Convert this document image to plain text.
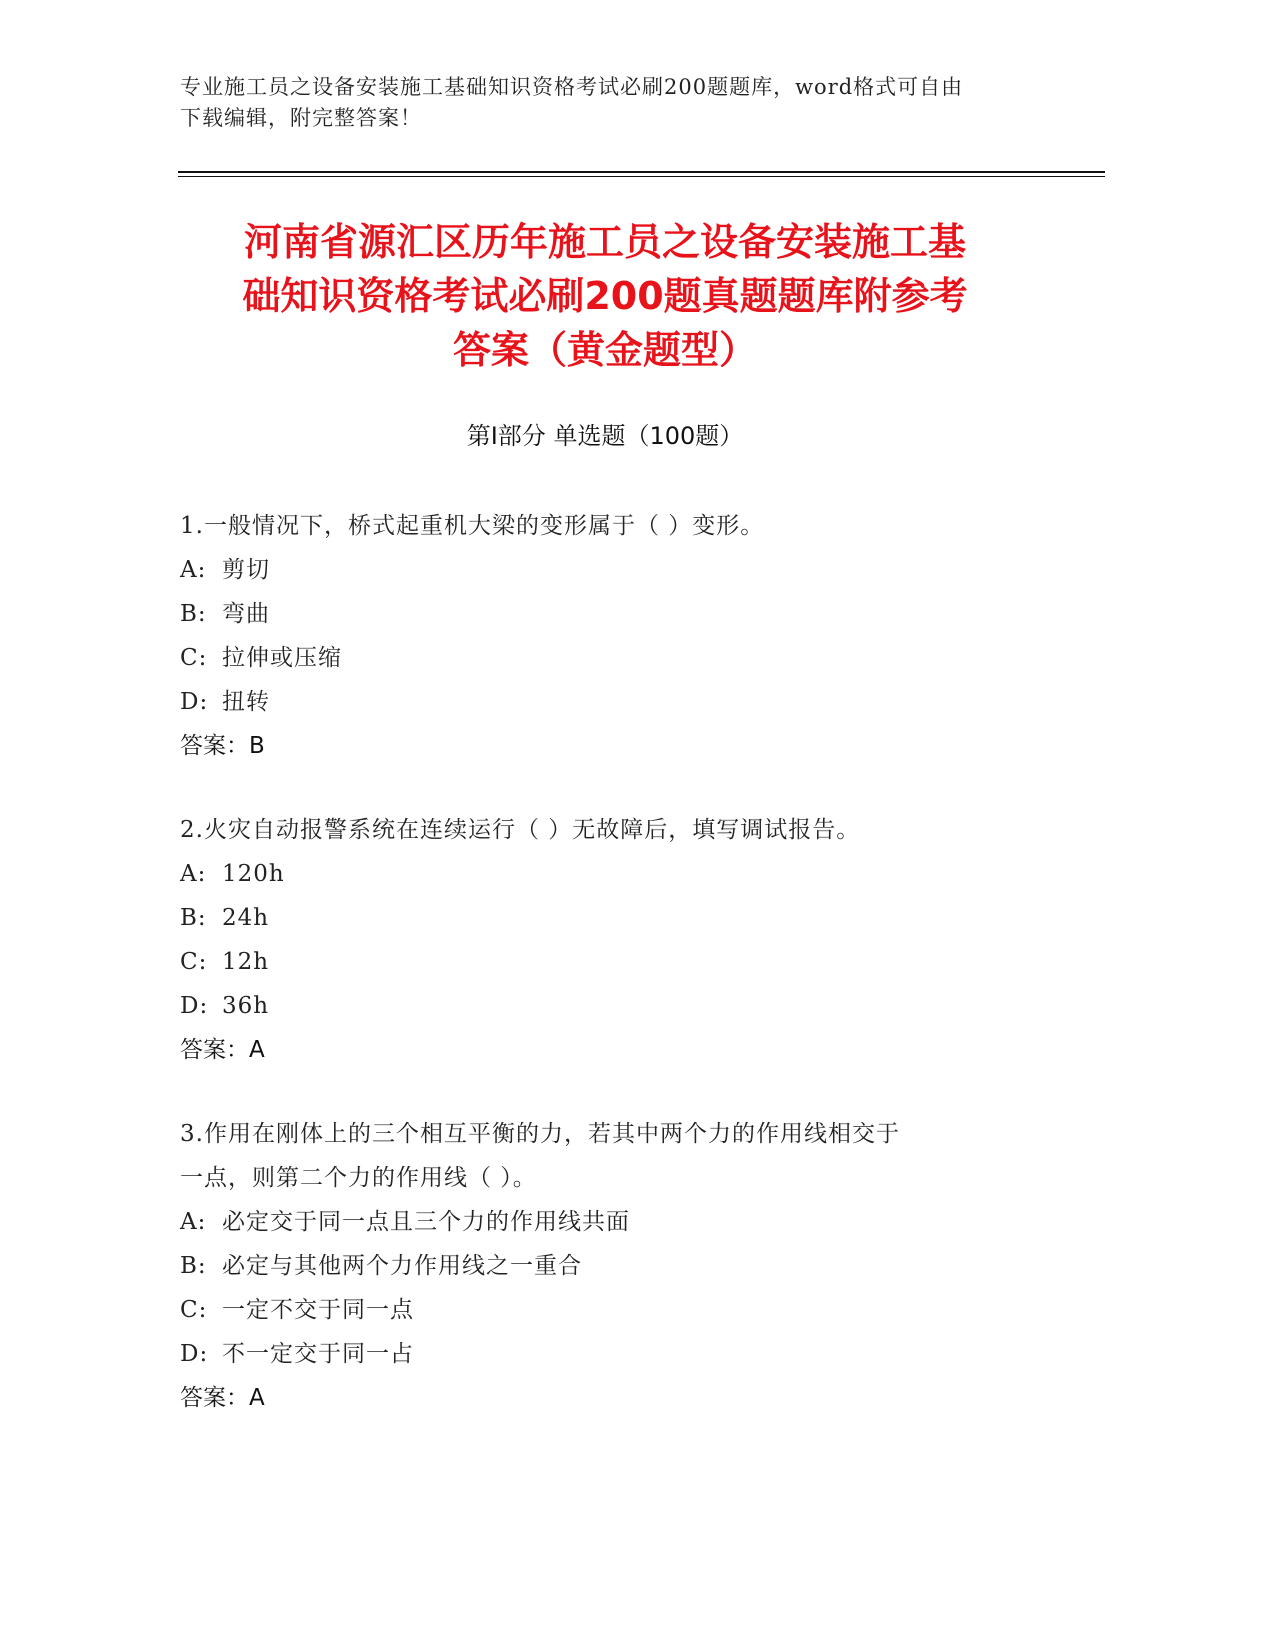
专业施工员之设备安装施工基础知识资格考试必刷200题题库，word格式可自由
下载编辑，附完整答案！
河南省源汇区历年施工员之设备安装施工基
础知识资格考试必刷200题真题题库附参考
答案（黄金题型）
第Ⅰ部分 单选题（100题）
1.一般情况下，桥式起重机大梁的变形属于（ ）变形。
A: 剪切
B: 弯曲
C: 拉伸或压缩
D: 扭转
答案：B
2.火灾自动报警系统在连续运行（ ）无故障后，填写调试报告。
A: 120h
B: 24h
C: 12h
D: 36h
答案：A
3.作用在刚体上的三个相互平衡的力，若其中两个力的作用线相交于
一点，则第二个力的作用线（ ）。
A: 必定交于同一点且三个力的作用线共面
B: 必定与其他两个力作用线之一重合
C: 一定不交于同一点
D: 不一定交于同一占
答案：A
